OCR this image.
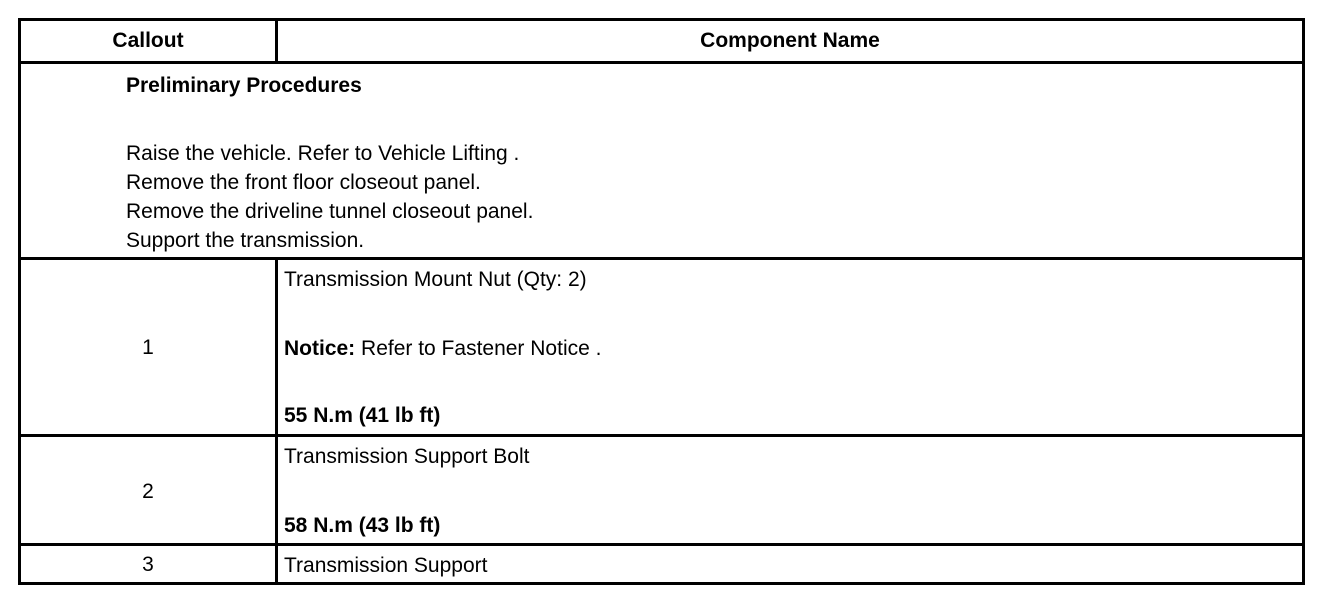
Callout	Component Name
Preliminary Procedures
Raise the vehicle. Refer to Vehicle Lifting .
Remove the front floor closeout panel.
Remove the driveline tunnel closeout panel.
Support the transmission.
1
Transmission Mount Nut (Qty: 2)
Notice: Refer to Fastener Notice .
55 N.m (41 lb ft)
2
Transmission Support Bolt
58 N.m (43 lb ft)
3	Transmission Support
